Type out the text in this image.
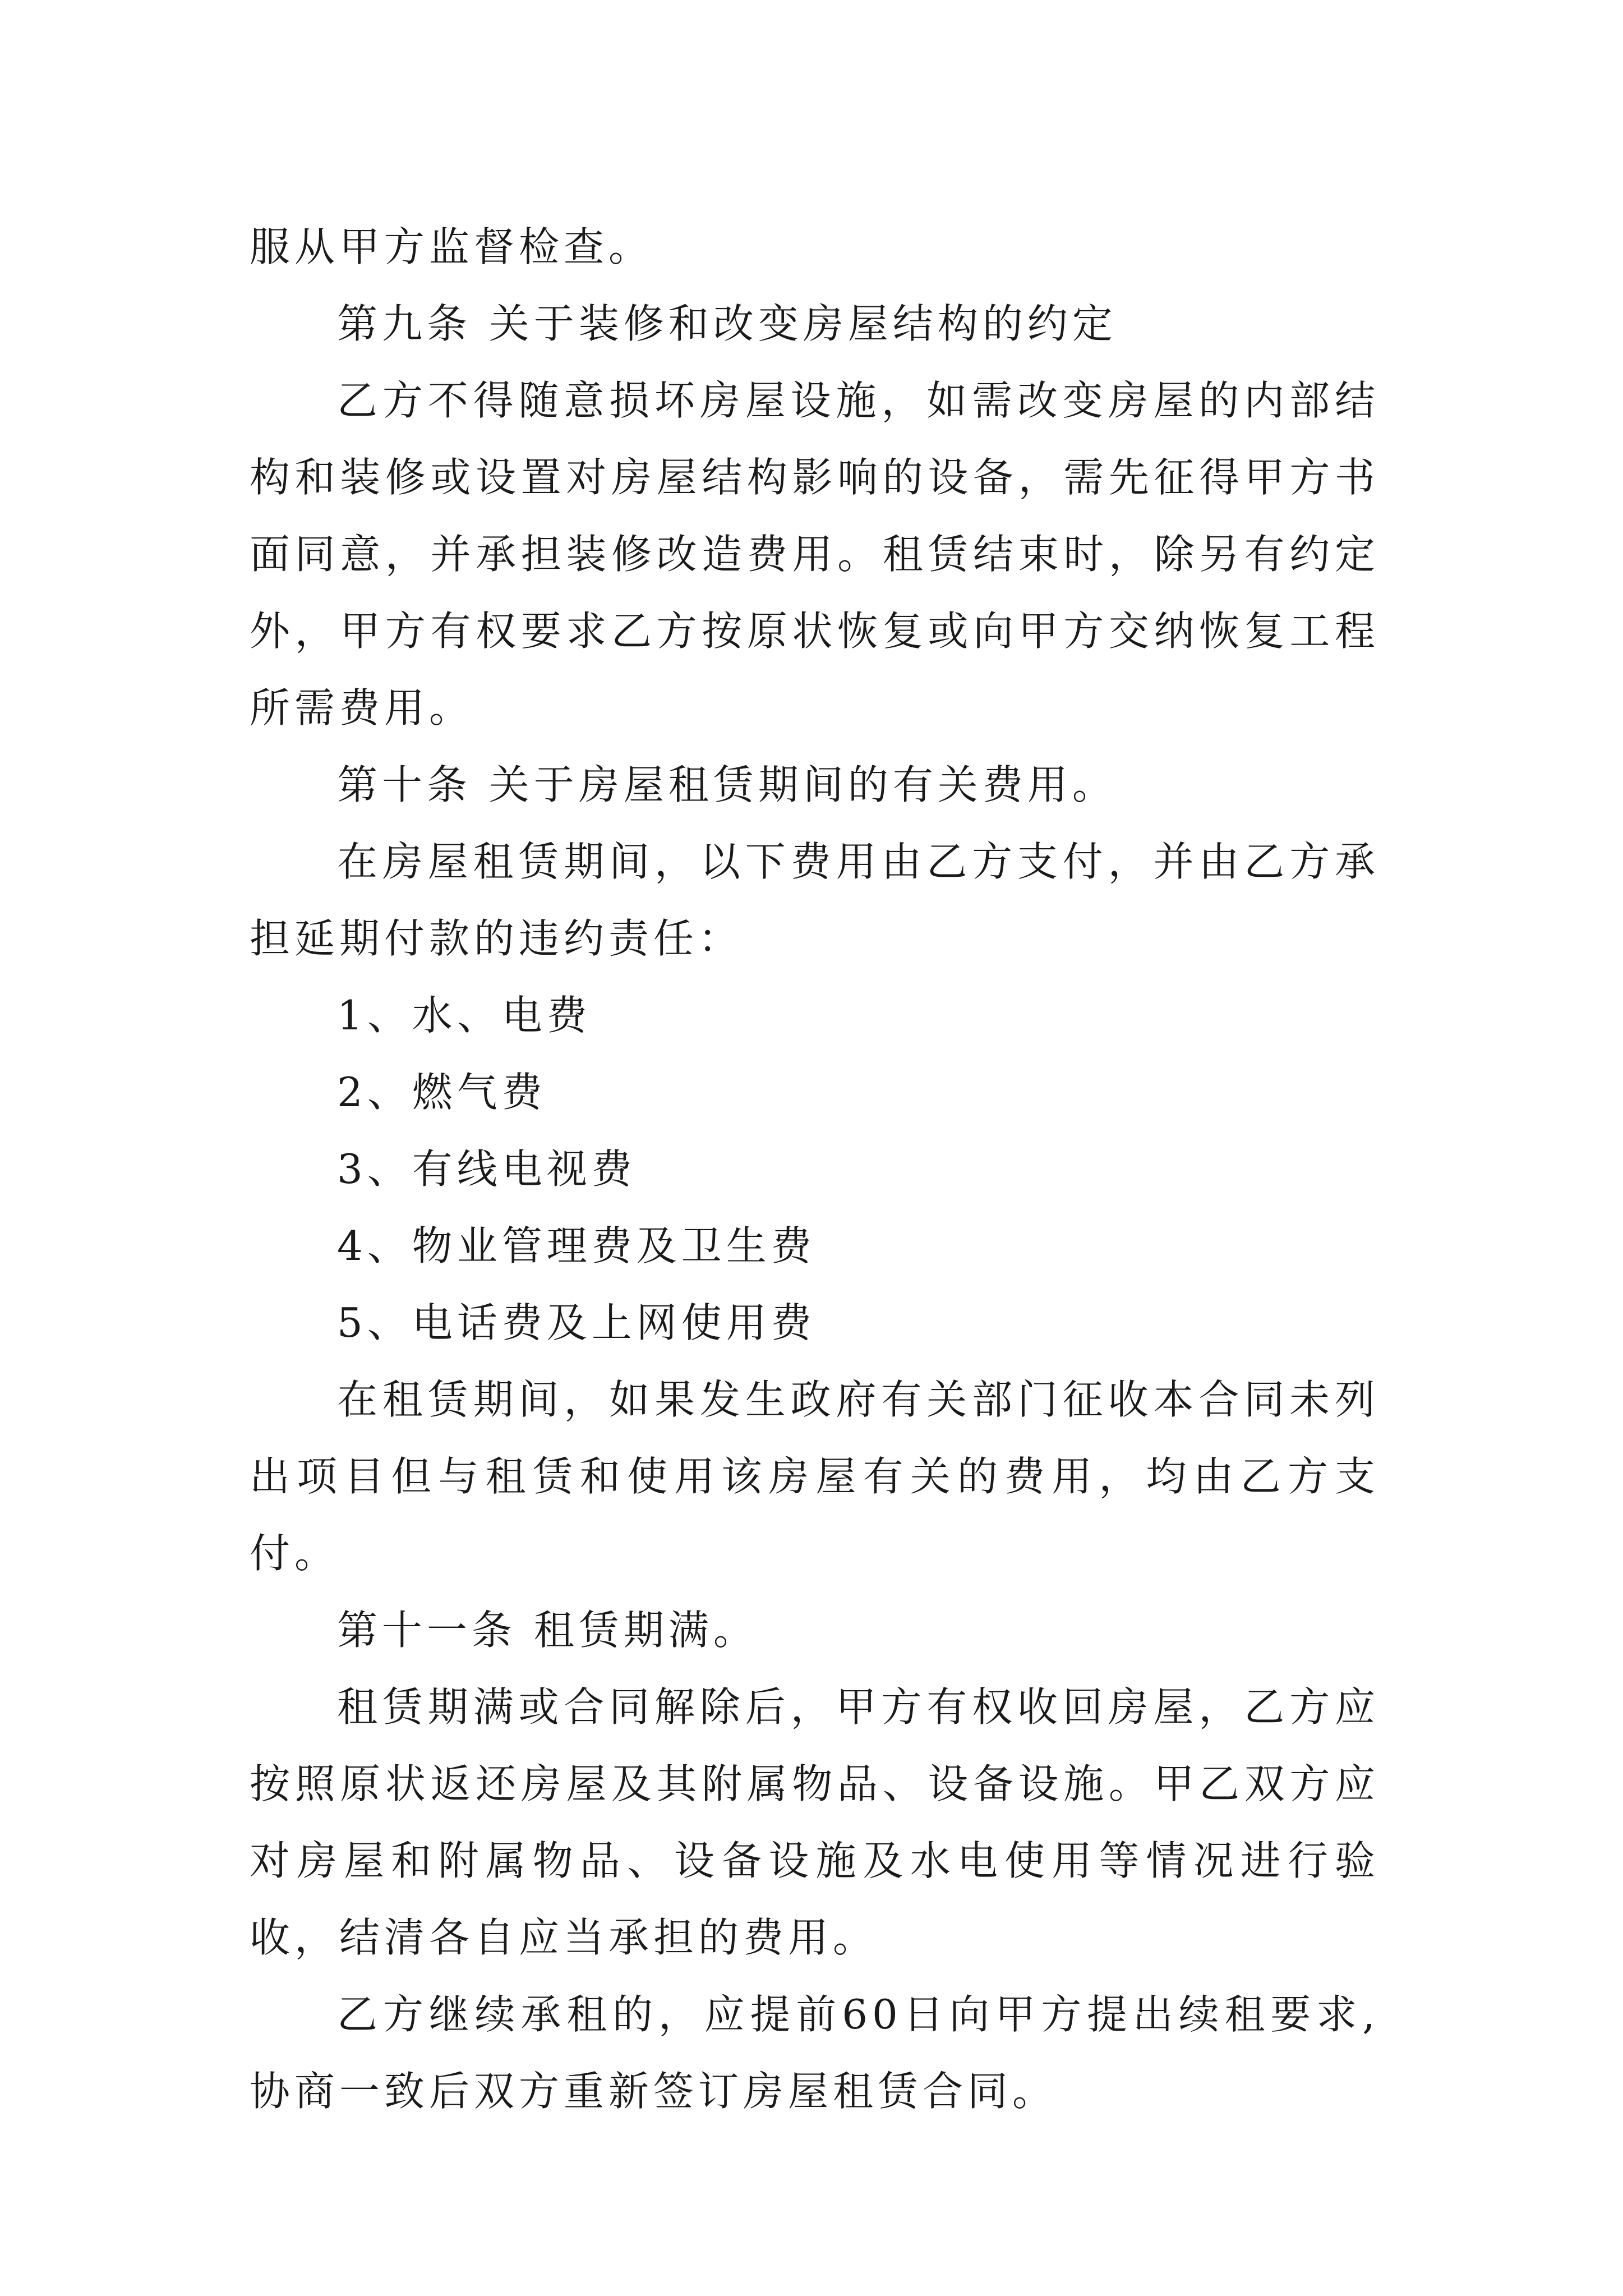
服从甲方监督检查。

第九条 关于装修和改变房屋结构的约定

乙方不得随意损坏房屋设施，如需改变房屋的内部结构和装修或设置对房屋结构影响的设备，需先征得甲方书面同意，并承担装修改造费用。租赁结束时，除另有约定外，甲方有权要求乙方按原状恢复或向甲方交纳恢复工程所需费用。

第十条 关于房屋租赁期间的有关费用。

在房屋租赁期间，以下费用由乙方支付，并由乙方承担延期付款的违约责任：

1、水、电费

2、燃气费

3、有线电视费

4、物业管理费及卫生费

5、电话费及上网使用费

在租赁期间，如果发生政府有关部门征收本合同未列出项目但与租赁和使用该房屋有关的费用，均由乙方支付。

第十一条 租赁期满。

租赁期满或合同解除后，甲方有权收回房屋，乙方应按照原状返还房屋及其附属物品、设备设施。甲乙双方应对房屋和附属物品、设备设施及水电使用等情况进行验收，结清各自应当承担的费用。

乙方继续承租的，应提前60日向甲方提出续租要求,协商一致后双方重新签订房屋租赁合同。
